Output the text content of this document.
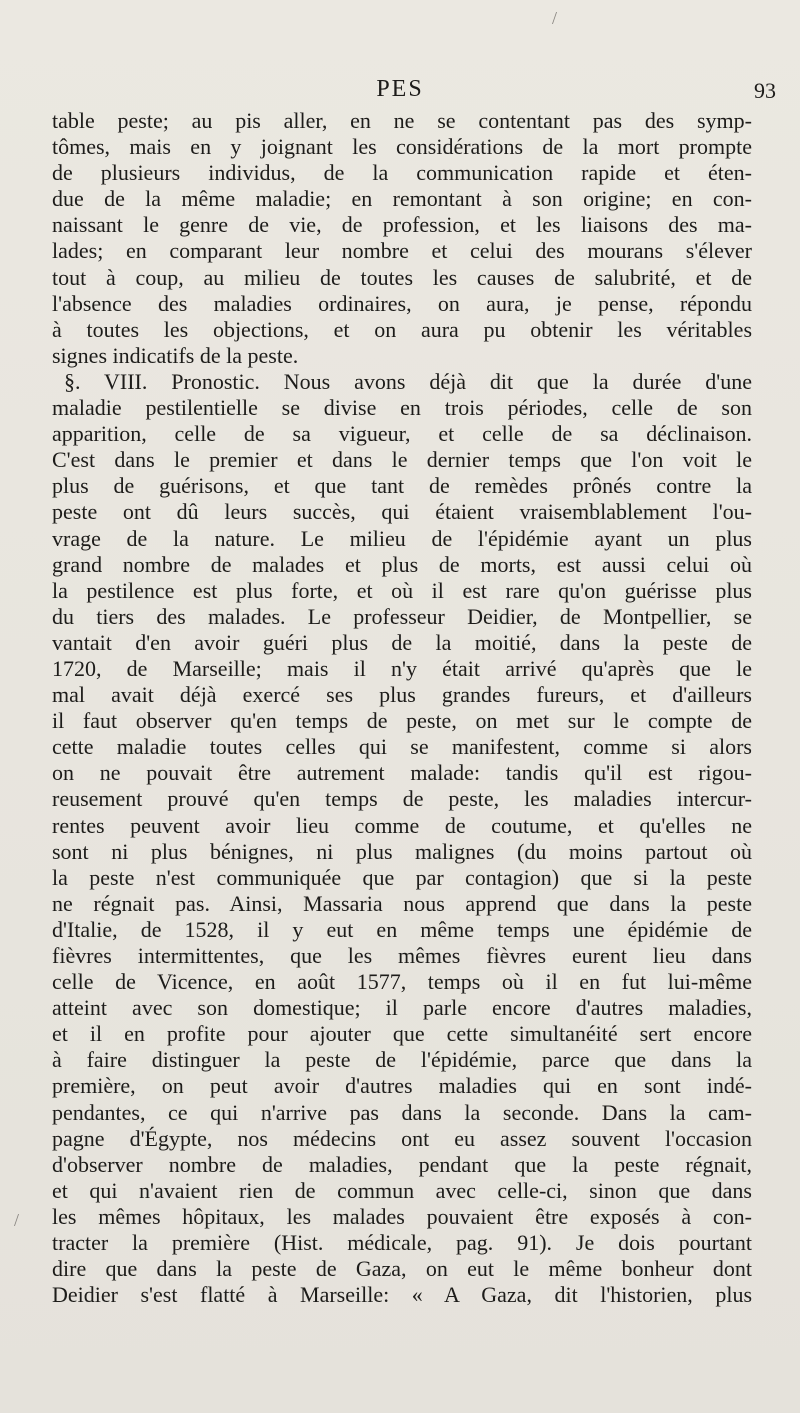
/
/
PES	93
table peste; au pis aller, en ne se contentant pas des symp-
tômes, mais en y joignant les considérations de la mort prompte
de plusieurs individus, de la communication rapide et éten-
due de la même maladie; en remontant à son origine; en con-
naissant le genre de vie, de profession, et les liaisons des ma-
lades; en comparant leur nombre et celui des mourans s'élever
tout à coup, au milieu de toutes les causes de salubrité, et de
l'absence des maladies ordinaires, on aura, je pense, répondu
à toutes les objections, et on aura pu obtenir les véritables
signes indicatifs de la peste.
§. VIII. Pronostic. Nous avons déjà dit que la durée d'une
maladie pestilentielle se divise en trois périodes, celle de son
apparition, celle de sa vigueur, et celle de sa déclinaison.
C'est dans le premier et dans le dernier temps que l'on voit le
plus de guérisons, et que tant de remèdes prônés contre la
peste ont dû leurs succès, qui étaient vraisemblablement l'ou-
vrage de la nature. Le milieu de l'épidémie ayant un plus
grand nombre de malades et plus de morts, est aussi celui où
la pestilence est plus forte, et où il est rare qu'on guérisse plus
du tiers des malades. Le professeur Deidier, de Montpellier, se
vantait d'en avoir guéri plus de la moitié, dans la peste de
1720, de Marseille; mais il n'y était arrivé qu'après que le
mal avait déjà exercé ses plus grandes fureurs, et d'ailleurs
il faut observer qu'en temps de peste, on met sur le compte de
cette maladie toutes celles qui se manifestent, comme si alors
on ne pouvait être autrement malade: tandis qu'il est rigou-
reusement prouvé qu'en temps de peste, les maladies intercur-
rentes peuvent avoir lieu comme de coutume, et qu'elles ne
sont ni plus bénignes, ni plus malignes (du moins partout où
la peste n'est communiquée que par contagion) que si la peste
ne régnait pas. Ainsi, Massaria nous apprend que dans la peste
d'Italie, de 1528, il y eut en même temps une épidémie de
fièvres intermittentes, que les mêmes fièvres eurent lieu dans
celle de Vicence, en août 1577, temps où il en fut lui-même
atteint avec son domestique; il parle encore d'autres maladies,
et il en profite pour ajouter que cette simultanéité sert encore
à faire distinguer la peste de l'épidémie, parce que dans la
première, on peut avoir d'autres maladies qui en sont indé-
pendantes, ce qui n'arrive pas dans la seconde. Dans la cam-
pagne d'Égypte, nos médecins ont eu assez souvent l'occasion
d'observer nombre de maladies, pendant que la peste régnait,
et qui n'avaient rien de commun avec celle-ci, sinon que dans
les mêmes hôpitaux, les malades pouvaient être exposés à con-
tracter la première (Hist. médicale, pag. 91). Je dois pourtant
dire que dans la peste de Gaza, on eut le même bonheur dont
Deidier s'est flatté à Marseille: « A Gaza, dit l'historien, plus
